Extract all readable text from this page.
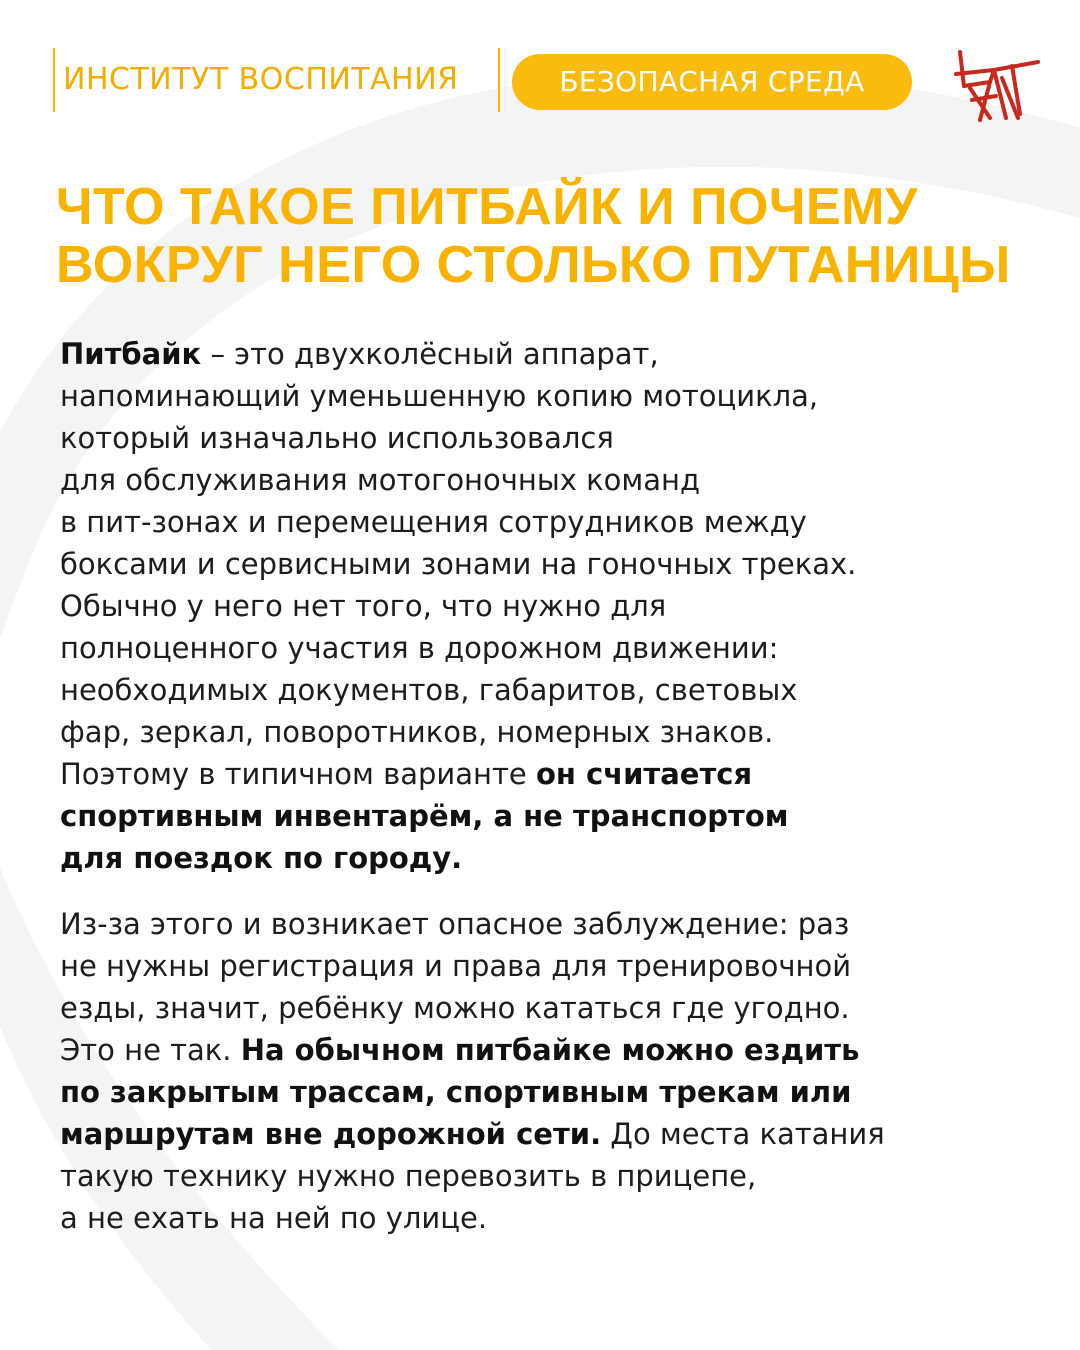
ИНСТИТУТ ВОСПИТАНИЯ	БЕЗОПАСНАЯ СРЕДА
ЧТО ТАКОЕ ПИТБАЙК И ПОЧЕМУ
ВОКРУГ НЕГО СТОЛЬКО ПУТАНИЦЫ

Питбайк – это двухколёсный аппарат,
напоминающий уменьшенную копию мотоцикла,
который изначально использовался
для обслуживания мотогоночных команд
в пит-зонах и перемещения сотрудников между
боксами и сервисными зонами на гоночных треках.
Обычно у него нет того, что нужно для
полноценного участия в дорожном движении:
необходимых документов, габаритов, световых
фар, зеркал, поворотников, номерных знаков.
Поэтому в типичном варианте он считается
спортивным инвентарём, а не транспортом
для поездок по городу.

Из-за этого и возникает опасное заблуждение: раз
не нужны регистрация и права для тренировочной
езды, значит, ребёнку можно кататься где угодно.
Это не так. На обычном питбайке можно ездить
по закрытым трассам, спортивным трекам или
маршрутам вне дорожной сети. До места катания
такую технику нужно перевозить в прицепе,
а не ехать на ней по улице.
